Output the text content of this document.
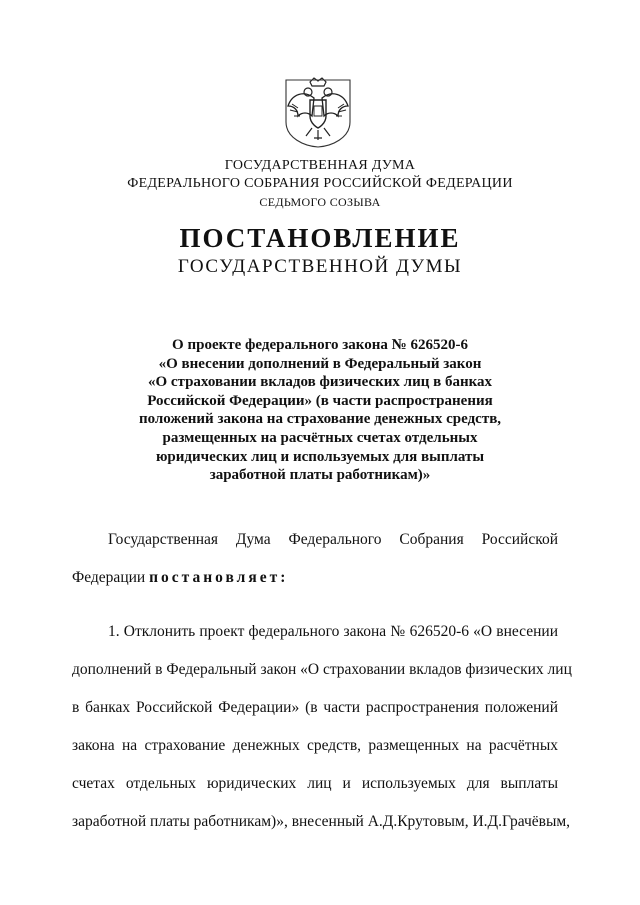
ГОСУДАРСТВЕННАЯ ДУМА
ФЕДЕРАЛЬНОГО СОБРАНИЯ РОССИЙСКОЙ ФЕДЕРАЦИИ
СЕДЬМОГО СОЗЫВА
ПОСТАНОВЛЕНИЕ
ГОСУДАРСТВЕННОЙ ДУМЫ
О проекте федерального закона № 626520-6
«О внесении дополнений в Федеральный закон
«О страховании вкладов физических лиц в банках
Российской Федерации» (в части распространения
положений закона на страхование денежных средств,
размещенных на расчётных счетах отдельных
юридических лиц и используемых для выплаты
заработной платы работникам)»
Государственная Дума Федерального Собрания Российской
Федерации постановляет:
1. Отклонить проект федерального закона № 626520-6 «О внесении
дополнений в Федеральный закон «О страховании вкладов физических лиц
в банках Российской Федерации» (в части распространения положений
закона на страхование денежных средств, размещенных на расчётных
счетах отдельных юридических лиц и используемых для выплаты
заработной платы работникам)», внесенный А.Д.Крутовым, И.Д.Грачёвым,
